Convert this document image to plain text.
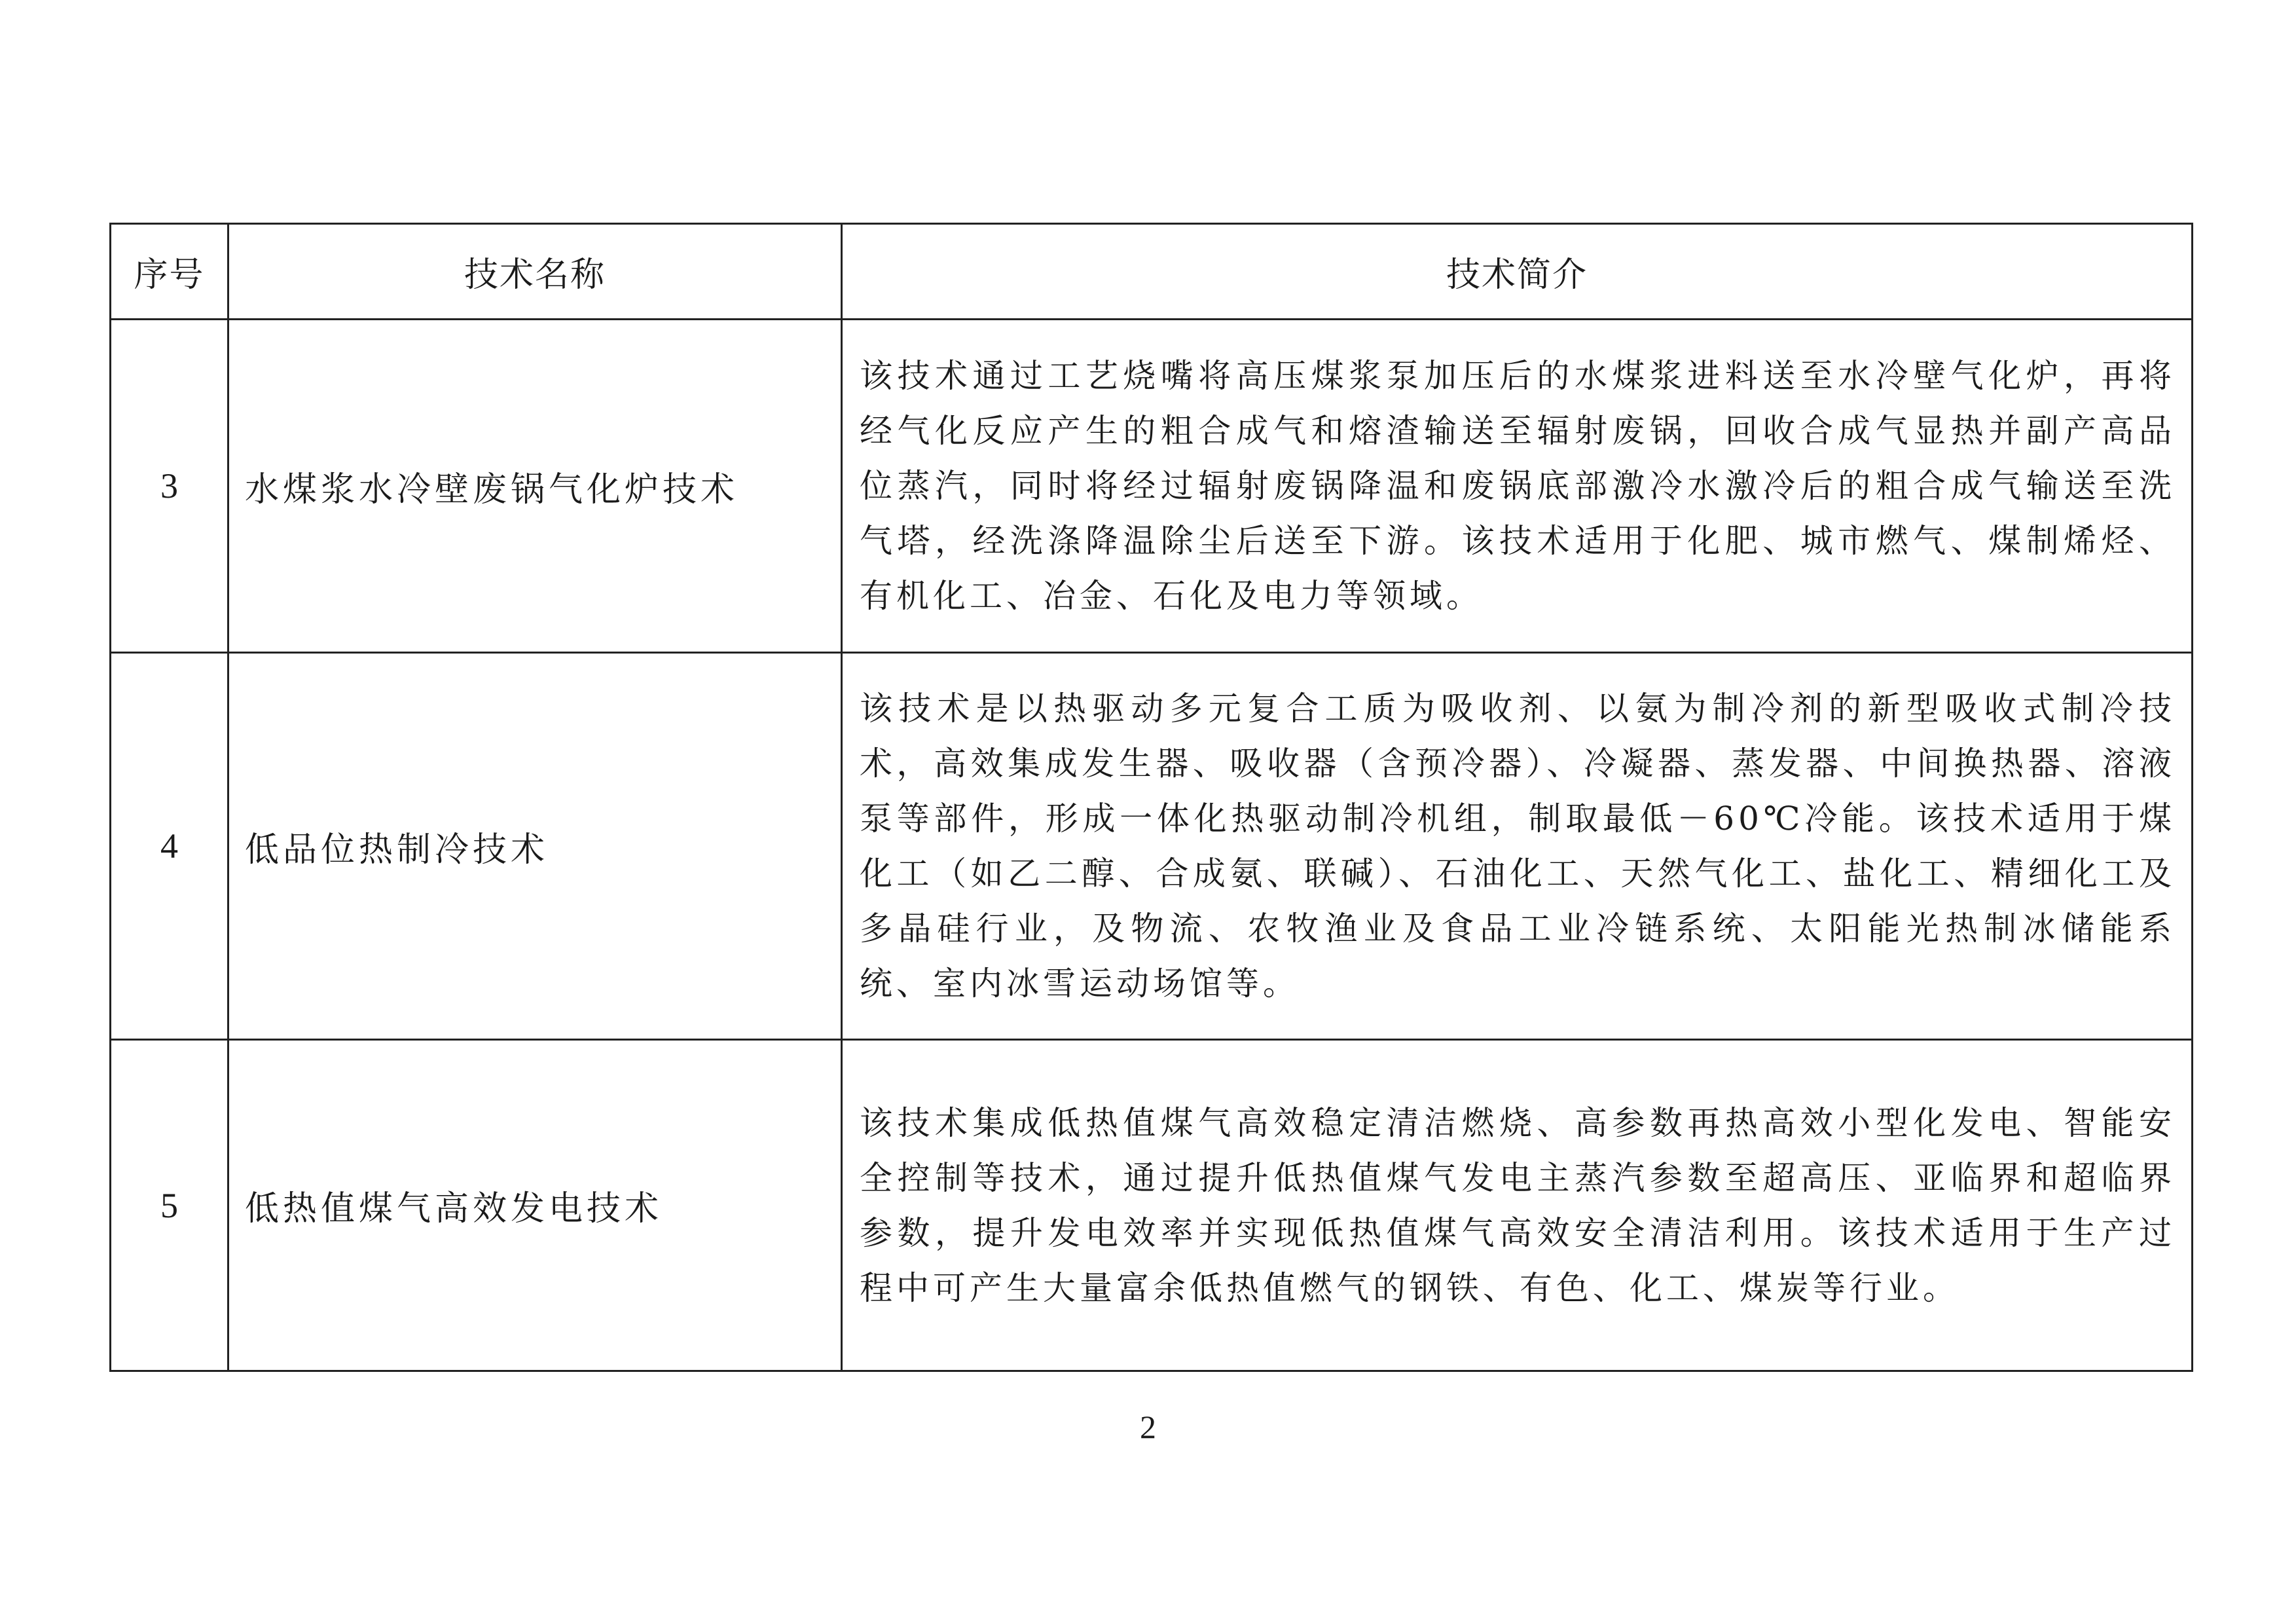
序号	技术名称	技术简介
3	水煤浆水冷壁废锅气化炉技术	该技术通过工艺烧嘴将高压煤浆泵加压后的水煤浆进料送至水冷壁气化炉，再将经气化反应产生的粗合成气和熔渣输送至辐射废锅，回收合成气显热并副产高品位蒸汽，同时将经过辐射废锅降温和废锅底部激冷水激冷后的粗合成气输送至洗气塔，经洗涤降温除尘后送至下游。该技术适用于化肥、城市燃气、煤制烯烃、有机化工、冶金、石化及电力等领域。

4	低品位热制冷技术	该技术是以热驱动多元复合工质为吸收剂、以氨为制冷剂的新型吸收式制冷技术，高效集成发生器、吸收器（含预冷器）、冷凝器、蒸发器、中间换热器、溶液泵等部件，形成一体化热驱动制冷机组，制取最低－60℃冷能。该技术适用于煤化工（如乙二醇、合成氨、联碱）、石油化工、天然气化工、盐化工、精细化工及多晶硅行业，及物流、农牧渔业及食品工业冷链系统、太阳能光热制冰储能系统、室内冰雪运动场馆等。

5	低热值煤气高效发电技术	该技术集成低热值煤气高效稳定清洁燃烧、高参数再热高效小型化发电、智能安全控制等技术，通过提升低热值煤气发电主蒸汽参数至超高压、亚临界和超临界参数，提升发电效率并实现低热值煤气高效安全清洁利用。该技术适用于生产过程中可产生大量富余低热值燃气的钢铁、有色、化工、煤炭等行业。
2
